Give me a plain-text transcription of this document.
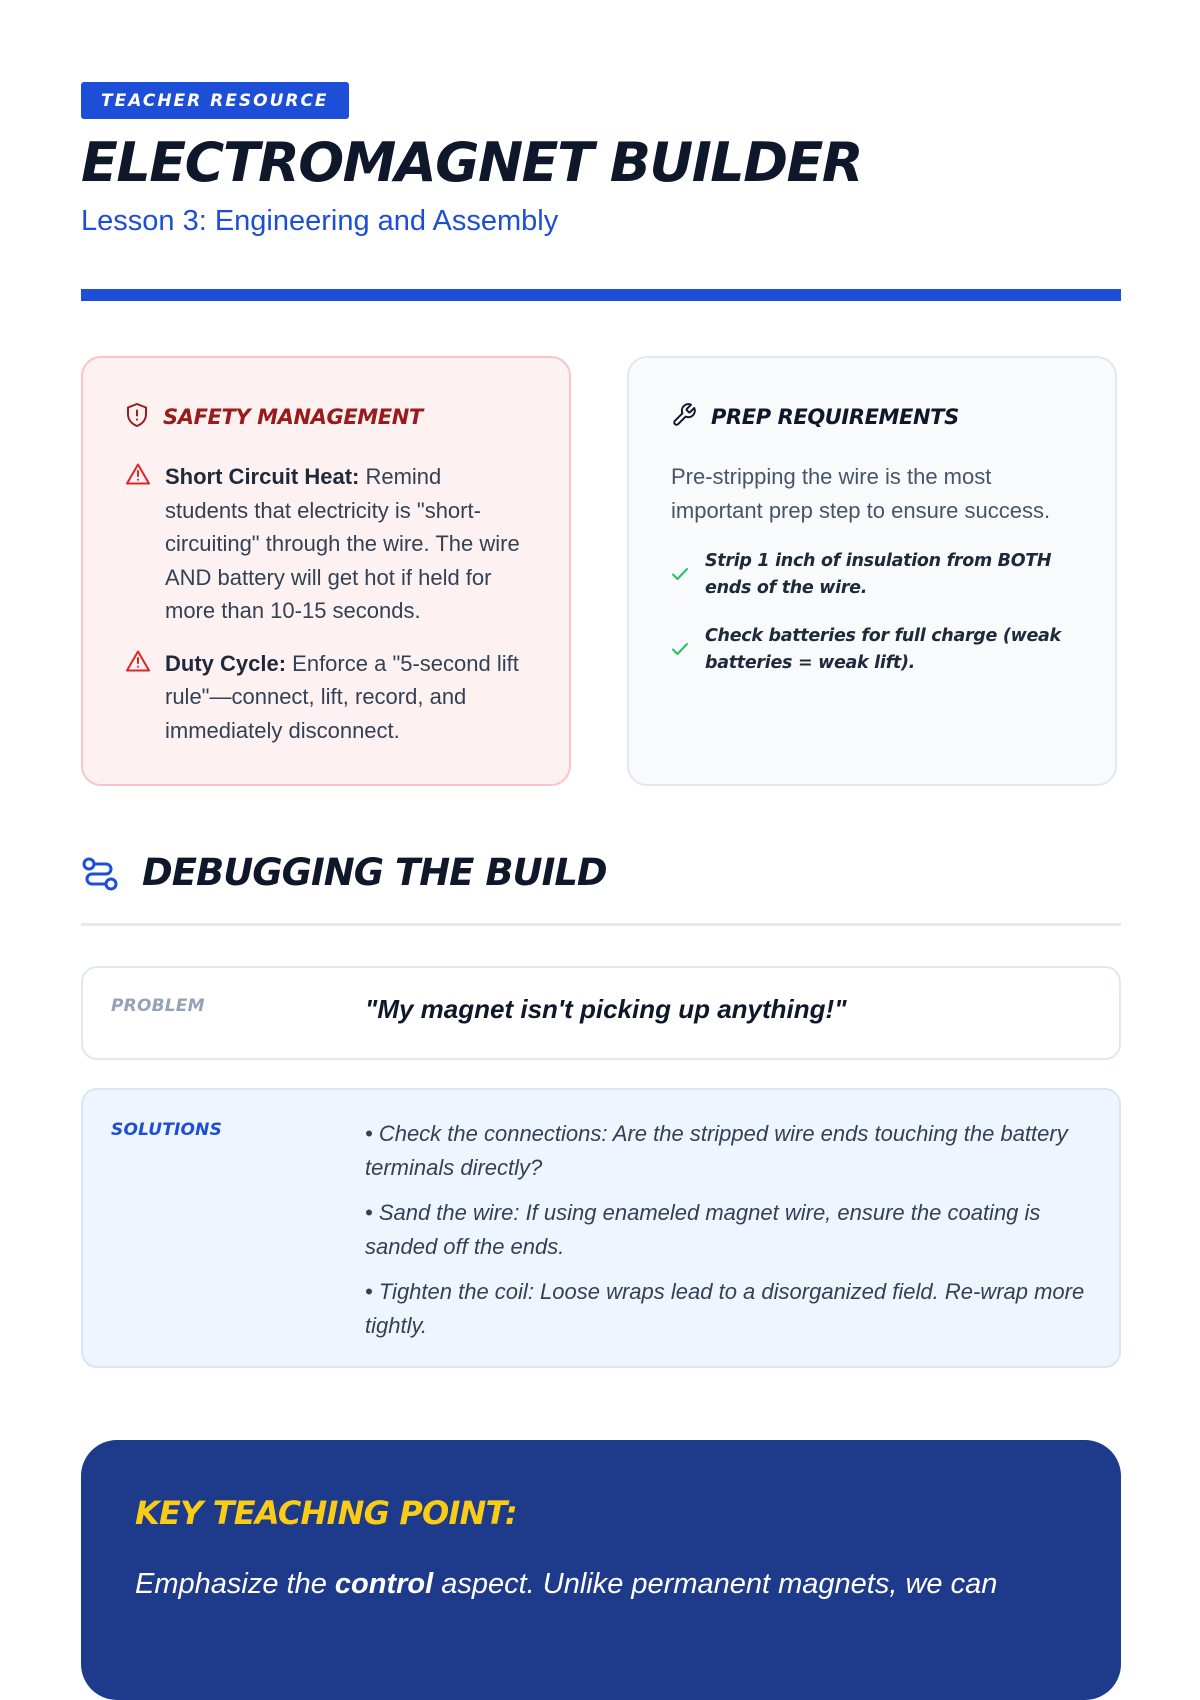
TEACHER RESOURCE
ELECTROMAGNET BUILDER
Lesson 3: Engineering and Assembly
SAFETY MANAGEMENT
Short Circuit Heat: Remind students that electricity is "short-circuiting" through the wire. The wire AND battery will get hot if held for more than 10-15 seconds.
Duty Cycle: Enforce a "5-second lift rule"—connect, lift, record, and immediately disconnect.
PREP REQUIREMENTS
Pre-stripping the wire is the most important prep step to ensure success.
Strip 1 inch of insulation from BOTH ends of the wire.
Check batteries for full charge (weak batteries = weak lift).
DEBUGGING THE BUILD
PROBLEM	"My magnet isn't picking up anything!"
SOLUTIONS	• Check the connections: Are the stripped wire ends touching the battery terminals directly?
• Sand the wire: If using enameled magnet wire, ensure the coating is sanded off the ends.
• Tighten the coil: Loose wraps lead to a disorganized field. Re-wrap more tightly.
KEY TEACHING POINT:
Emphasize the control aspect. Unlike permanent magnets, we can
